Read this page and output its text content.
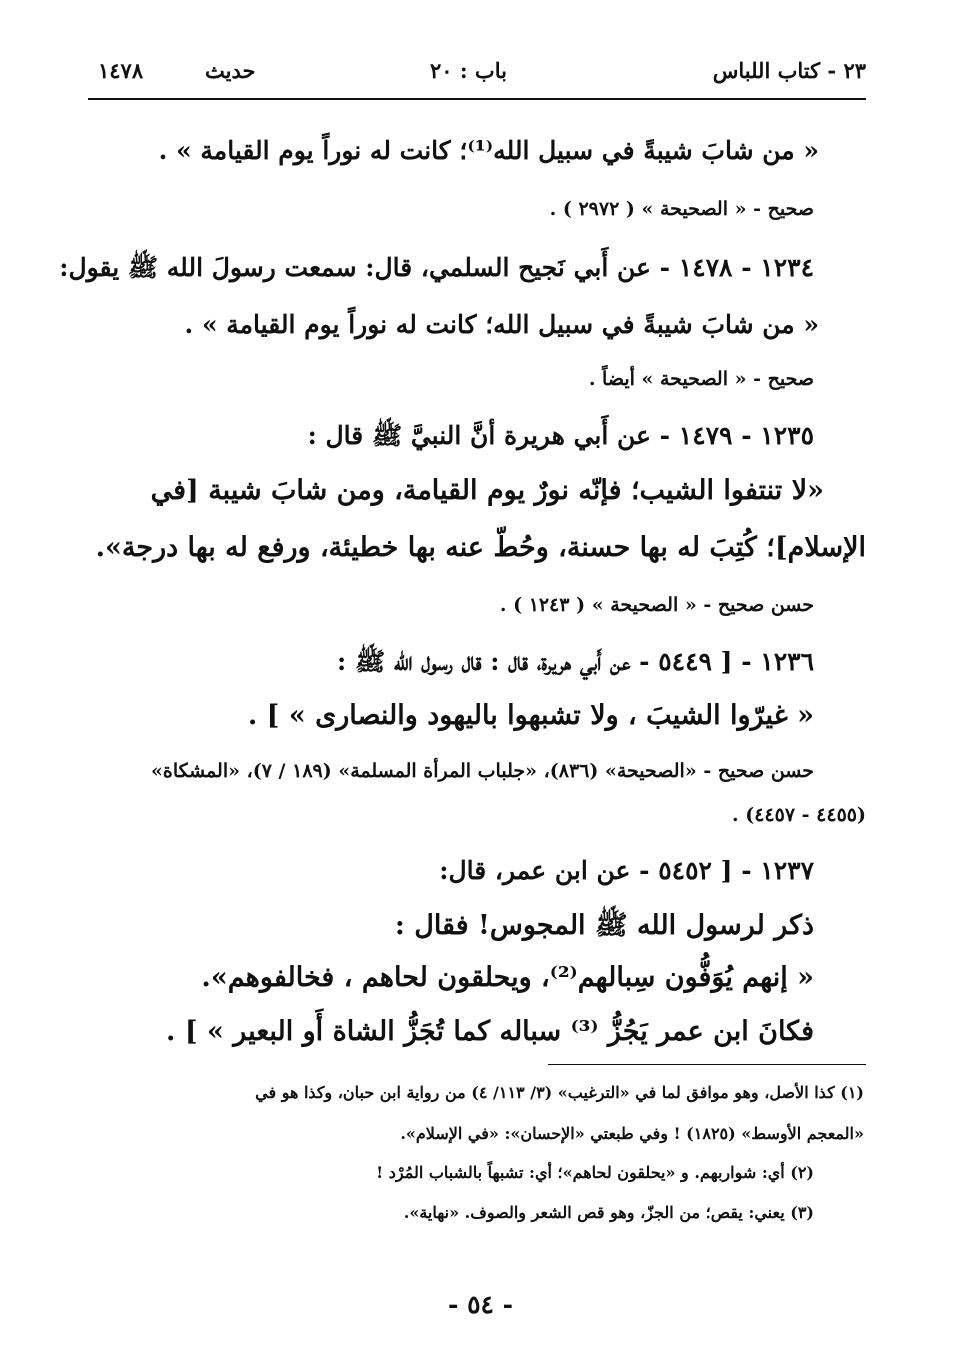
٢٣ - كتاب اللباس
باب : ٢٠
حديث
١٤٧٨
« من شابَ شيبةً في سبيل الله⁽¹⁾؛ كانت له نوراً يوم القيامة » .
صحيح - « الصحيحة » ( ٢٩٧٢ ) .
١٢٣٤ - ١٤٧٨ - عن أَبي نَجيح السلمي، قال: سمعت رسولَ الله ﷺ يقول:
« من شابَ شيبةً في سبيل الله؛ كانت له نوراً يوم القيامة » .
صحيح - « الصحيحة » أيضاً .
١٢٣٥ - ١٤٧٩ - عن أَبي هريرة أنَّ النبيَّ ﷺ قال :
«لا تنتفوا الشيب؛ فإنّه نورٌ يوم القيامة، ومن شابَ شيبة [في
الإسلام]؛ كُتِبَ له بها حسنة، وحُطّ عنه بها خطيئة، ورفع له بها درجة».
حسن صحيح - « الصحيحة » ( ١٢٤٣ ) .
١٢٣٦ - [ ٥٤٤٩ - عن أَبي هريرة، قال : قال رسول الله ﷺ :
« غيرّوا الشيبَ ، ولا تشبهوا باليهود والنصارى » ] .
حسن صحيح - «الصحيحة» (٨٣٦)، «جلباب المرأة المسلمة» (١٨٩ / ٧)، «المشكاة»
(٤٤٥٥ - ٤٤٥٧) .
١٢٣٧ - [ ٥٤٥٢ - عن ابن عمر، قال:
ذكر لرسول الله ﷺ المجوس! فقال :
« إنهم يُوَفُّون سِبالهم⁽²⁾، ويحلقون لحاهم ، فخالفوهم».
فكانَ ابن عمر يَجُزُّ ⁽³⁾ سباله كما تُجَزُّ الشاة أَو البعير » ] .
(١) كذا الأصل، وهو موافق لما في «الترغيب» (٣/ ١١٣/ ٤) من رواية ابن حبان، وكذا هو في
«المعجم الأوسط» (١٨٢٥) ! وفي طبعتي «الإحسان»: «في الإسلام».
(٢) أي: شواربهم. و «يحلقون لحاهم»؛ أي: تشبهاً بالشباب المُرْد !
(٣) يعني: يقص؛ من الجزّ، وهو قص الشعر والصوف. «نهاية».
- ٥٤ -
